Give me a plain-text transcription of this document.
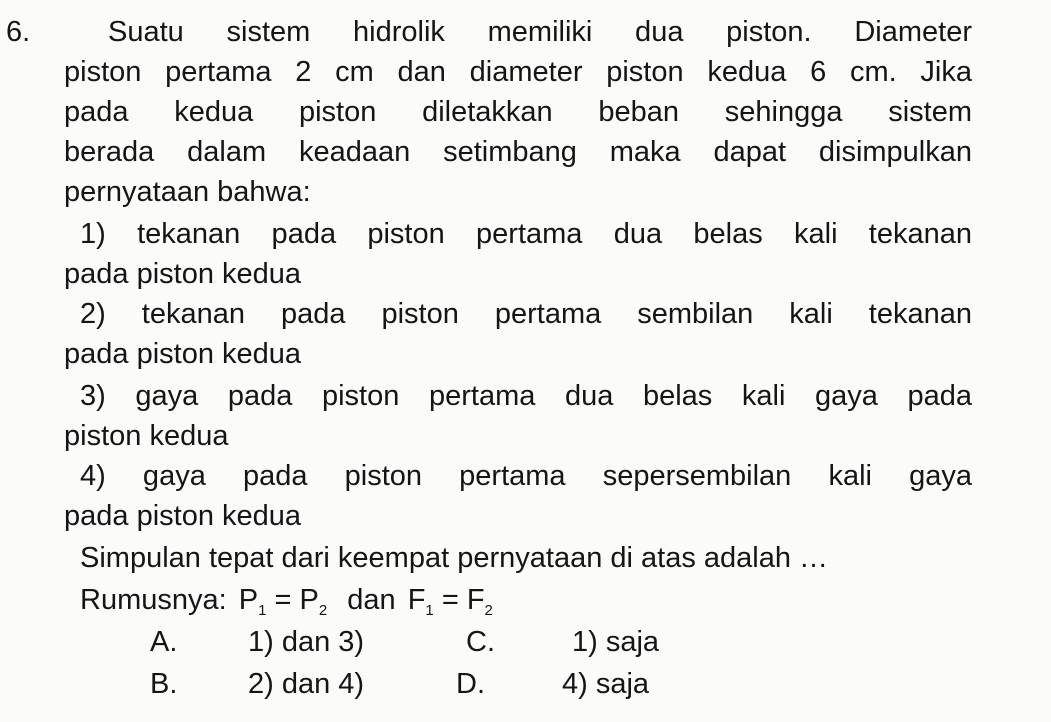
6.	Suatu sistem hidrolik memiliki dua piston. Diameter
piston pertama 2 cm dan diameter piston kedua 6 cm. Jika
pada kedua piston diletakkan beban sehingga sistem
berada dalam keadaan setimbang maka dapat disimpulkan
pernyataan bahwa:
1) tekanan pada piston pertama dua belas kali tekanan
pada piston kedua
2) tekanan pada piston pertama sembilan kali tekanan
pada piston kedua
3) gaya pada piston pertama dua belas kali gaya pada
piston kedua
4) gaya pada piston pertama sepersembilan kali gaya
pada piston kedua
Simpulan tepat dari keempat pernyataan di atas adalah …
Rumusnya: $P_1 = P_2$ dan $F_1 = F_2$
A. 1) dan 3)	C.	1) saja
B. 2) dan 4)	D.	4) saja
